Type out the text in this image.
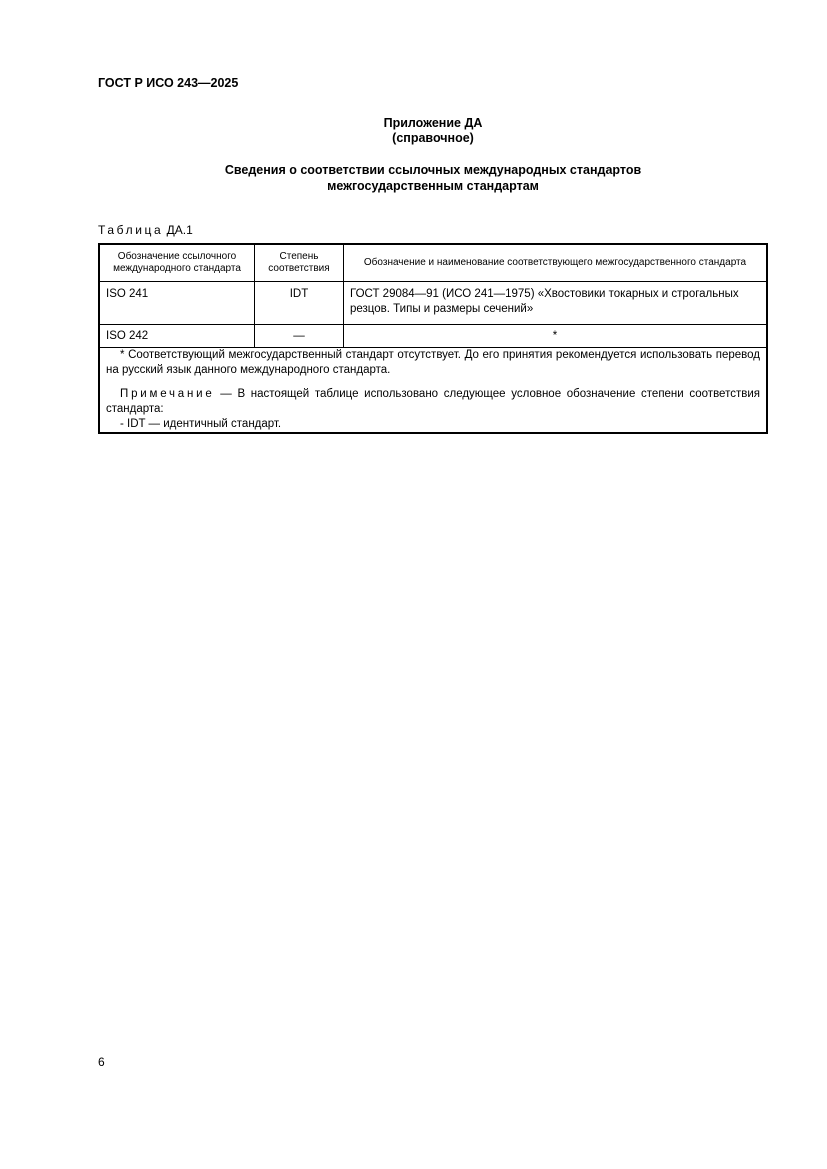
ГОСТ Р ИСО 243—2025
Приложение ДА
(справочное)
Сведения о соответствии ссылочных международных стандартов
межгосударственным стандартам
Таблица ДА.1
Обозначение ссылочного международного стандарта	Степень соответствия	Обозначение и наименование соответствующего межгосударственного стандарта
ISO 241	IDT	ГОСТ 29084—91 (ИСО 241—1975) «Хвостовики токарных и строгальных резцов. Типы и размеры сечений»
ISO 242	—	*

* Соответствующий межгосударственный стандарт отсутствует. До его принятия рекомендуется использовать перевод на русский язык данного международного стандарта.

Примечание — В настоящей таблице использовано следующее условное обозначение степени соответствия стандарта:

- IDT — идентичный стандарт.		

6
